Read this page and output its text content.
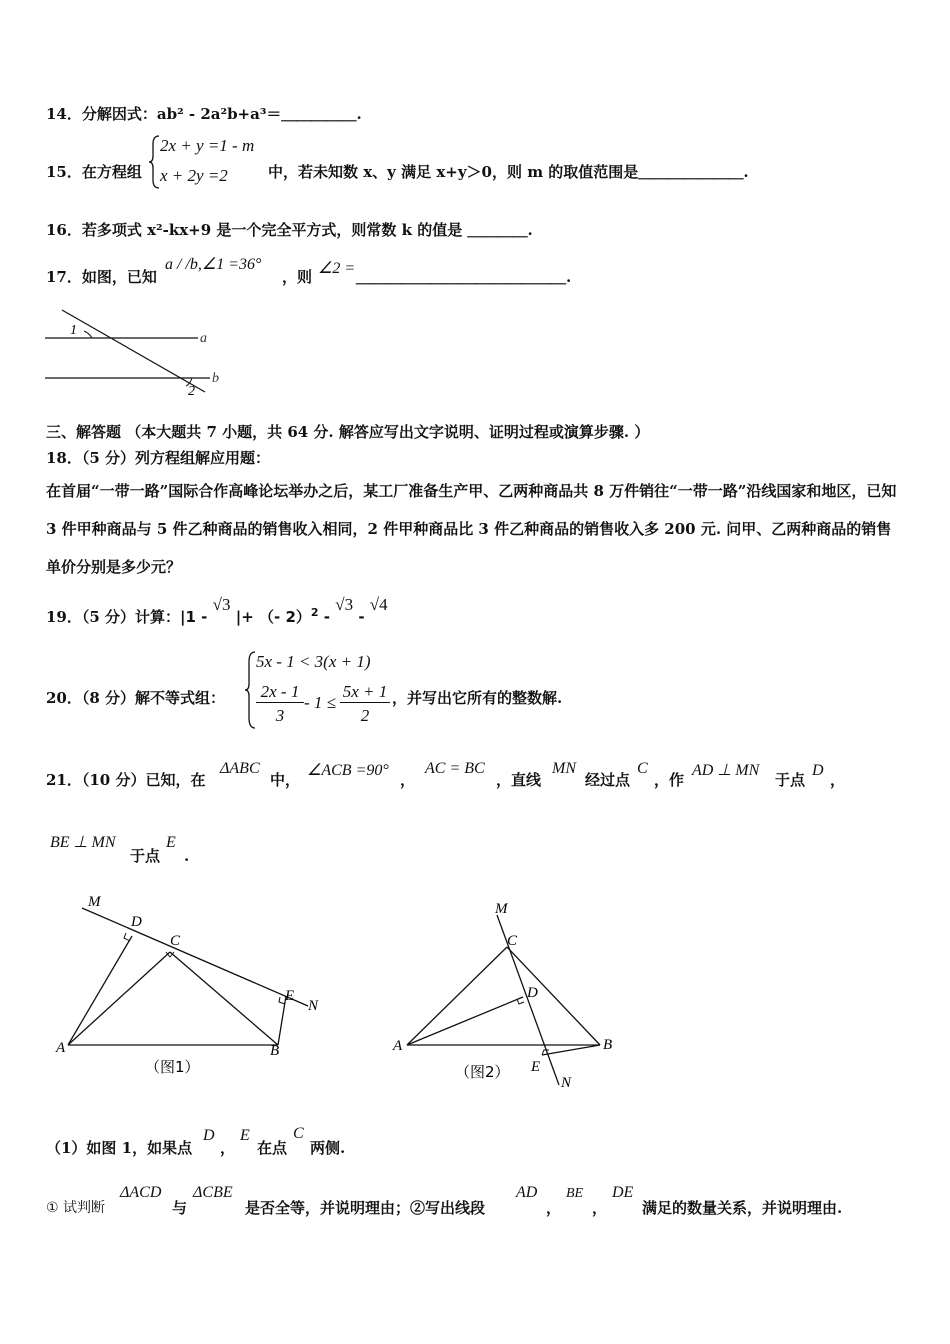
14．分解因式：ab² - 2a²b+a³＝＿＿＿＿＿.
15．在方程组
2x + y =1 - m
x + 2y =2	中，若未知数 x、y 满足 x+y＞0，则 m 的取值范围是＿＿＿＿＿＿＿.
16．若多项式 x²-kx+9 是一个完全平方式，则常数 k 的值是 ＿＿＿＿.
17．如图，已知
a / /b,∠1 =36°
，则 ∠2 = ＿＿＿＿＿＿＿＿＿＿＿＿＿＿.
1
2
a
b
三、解答题 （本大题共 7 小题，共 64 分. 解答应写出文字说明、证明过程或演算步骤. ）
18．（5 分）列方程组解应用题：
在首届“一带一路”国际合作高峰论坛举办之后，某工厂准备生产甲、乙两种商品共 8 万件销往“一带一路”沿线国家和地区，已知 3 件甲种商品与 5 件乙种商品的销售收入相同，2 件甲种商品比 3 件乙种商品的销售收入多 200 元. 问甲、乙两种商品的销售单价分别是多少元？
19．（5 分）计算：|1 - √3 |+ （- 2）$^2$ - √3 - √4
20．（8 分）解不等式组：
5x - 1 < 3(x + 1)
2x - 1
3
- 1 ≤
5x + 1
2
，并写出它所有的整数解.
21．（10 分）已知，在
ΔABC
中，
∠ACB =90°
，
AC = BC
，直线
MN
经过点
C
，作
AD ⊥ MN
于点
D
，
BE ⊥ MN
于点
E
.
M
D
C
E
N
A	B
（图1）
M
C
D
A	B
E
N
（图2）
（1）如图 1，如果点
D
，
E
在点
C
两侧.
① 试判断
ΔACD
与
ΔCBE
是否全等，并说明理由；②写出线段
AD
，
BE
，
DE
满足的数量关系，并说明理由.
